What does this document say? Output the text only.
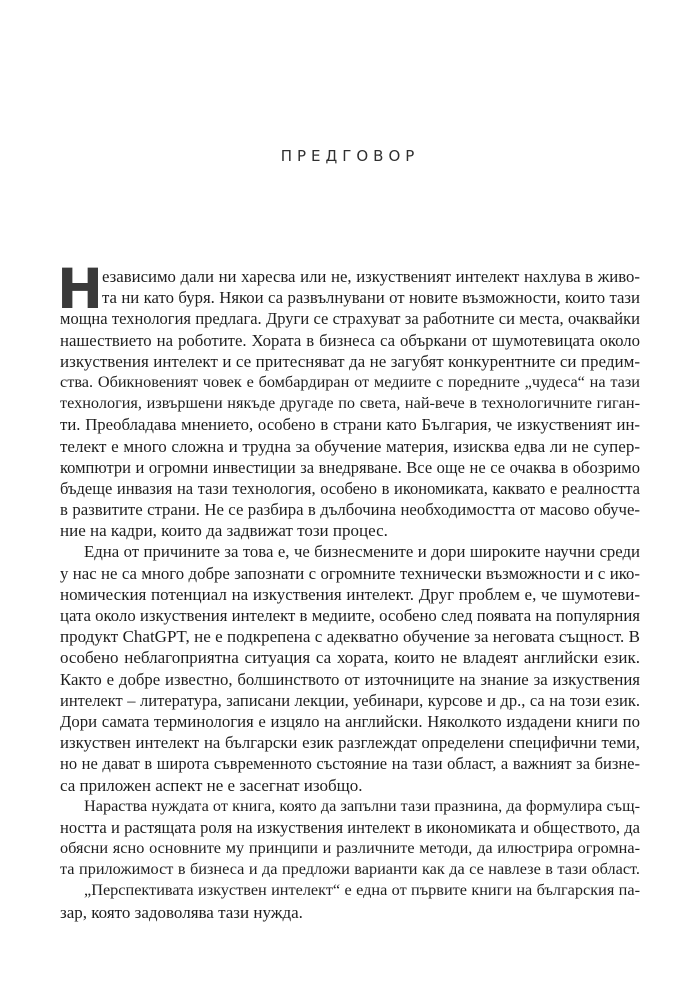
ПРЕДГОВОР
Н
езависимо дали ни харесва или не, изкуственият интелект нахлува в живо-
та ни като буря. Някои са развълнувани от новите възможности, които тази
мощна технология предлага. Други се страхуват за работните си места, очаквайки
нашествието на роботите. Хората в бизнеса са объркани от шумотевицата около
изкуствения интелект и се притесняват да не загубят конкурентните си предим-
ства. Обикновеният човек е бомбардиран от медиите с поредните „чудеса“ на тази
технология, извършени някъде другаде по света, най-вече в технологичните гиган-
ти. Преобладава мнението, особено в страни като България, че изкуственият ин-
телект е много сложна и трудна за обучение материя, изисква едва ли не супер-
компютри и огромни инвестиции за внедряване. Все още не се очаква в обозримо
бъдеще инвазия на тази технология, особено в икономиката, каквато е реалността
в развитите страни. Не се разбира в дълбочина необходимостта от масово обуче-
ние на кадри, които да задвижат този процес.
Една от причините за това е, че бизнесмените и дори широките научни среди
у нас не са много добре запознати с огромните технически възможности и с ико-
номическия потенциал на изкуствения интелект. Друг проблем е, че шумотеви-
цата около изкуствения интелект в медиите, особено след появата на популярния
продукт ChatGPT, не е подкрепена с адекватно обучение за неговата същност. В
особено неблагоприятна ситуация са хората, които не владеят английски език.
Както е добре известно, болшинството от източниците на знание за изкуствения
интелект – литература, записани лекции, уебинари, курсове и др., са на този език.
Дори самата терминология е изцяло на английски. Няколкото издадени книги по
изкуствен интелект на български език разглеждат определени специфични теми,
но не дават в широта съвременното състояние на тази област, а важният за бизне-
са приложен аспект не е засегнат изобщо.
Нараства нуждата от книга, която да запълни тази празнина, да формулира същ-
ността и растящата роля на изкуствения интелект в икономиката и обществото, да
обясни ясно основните му принципи и различните методи, да илюстрира огромна-
та приложимост в бизнеса и да предложи варианти как да се навлезе в тази област.
„Перспективата изкуствен интелект“ е една от първите книги на българския па-
зар, която задоволява тази нужда.
